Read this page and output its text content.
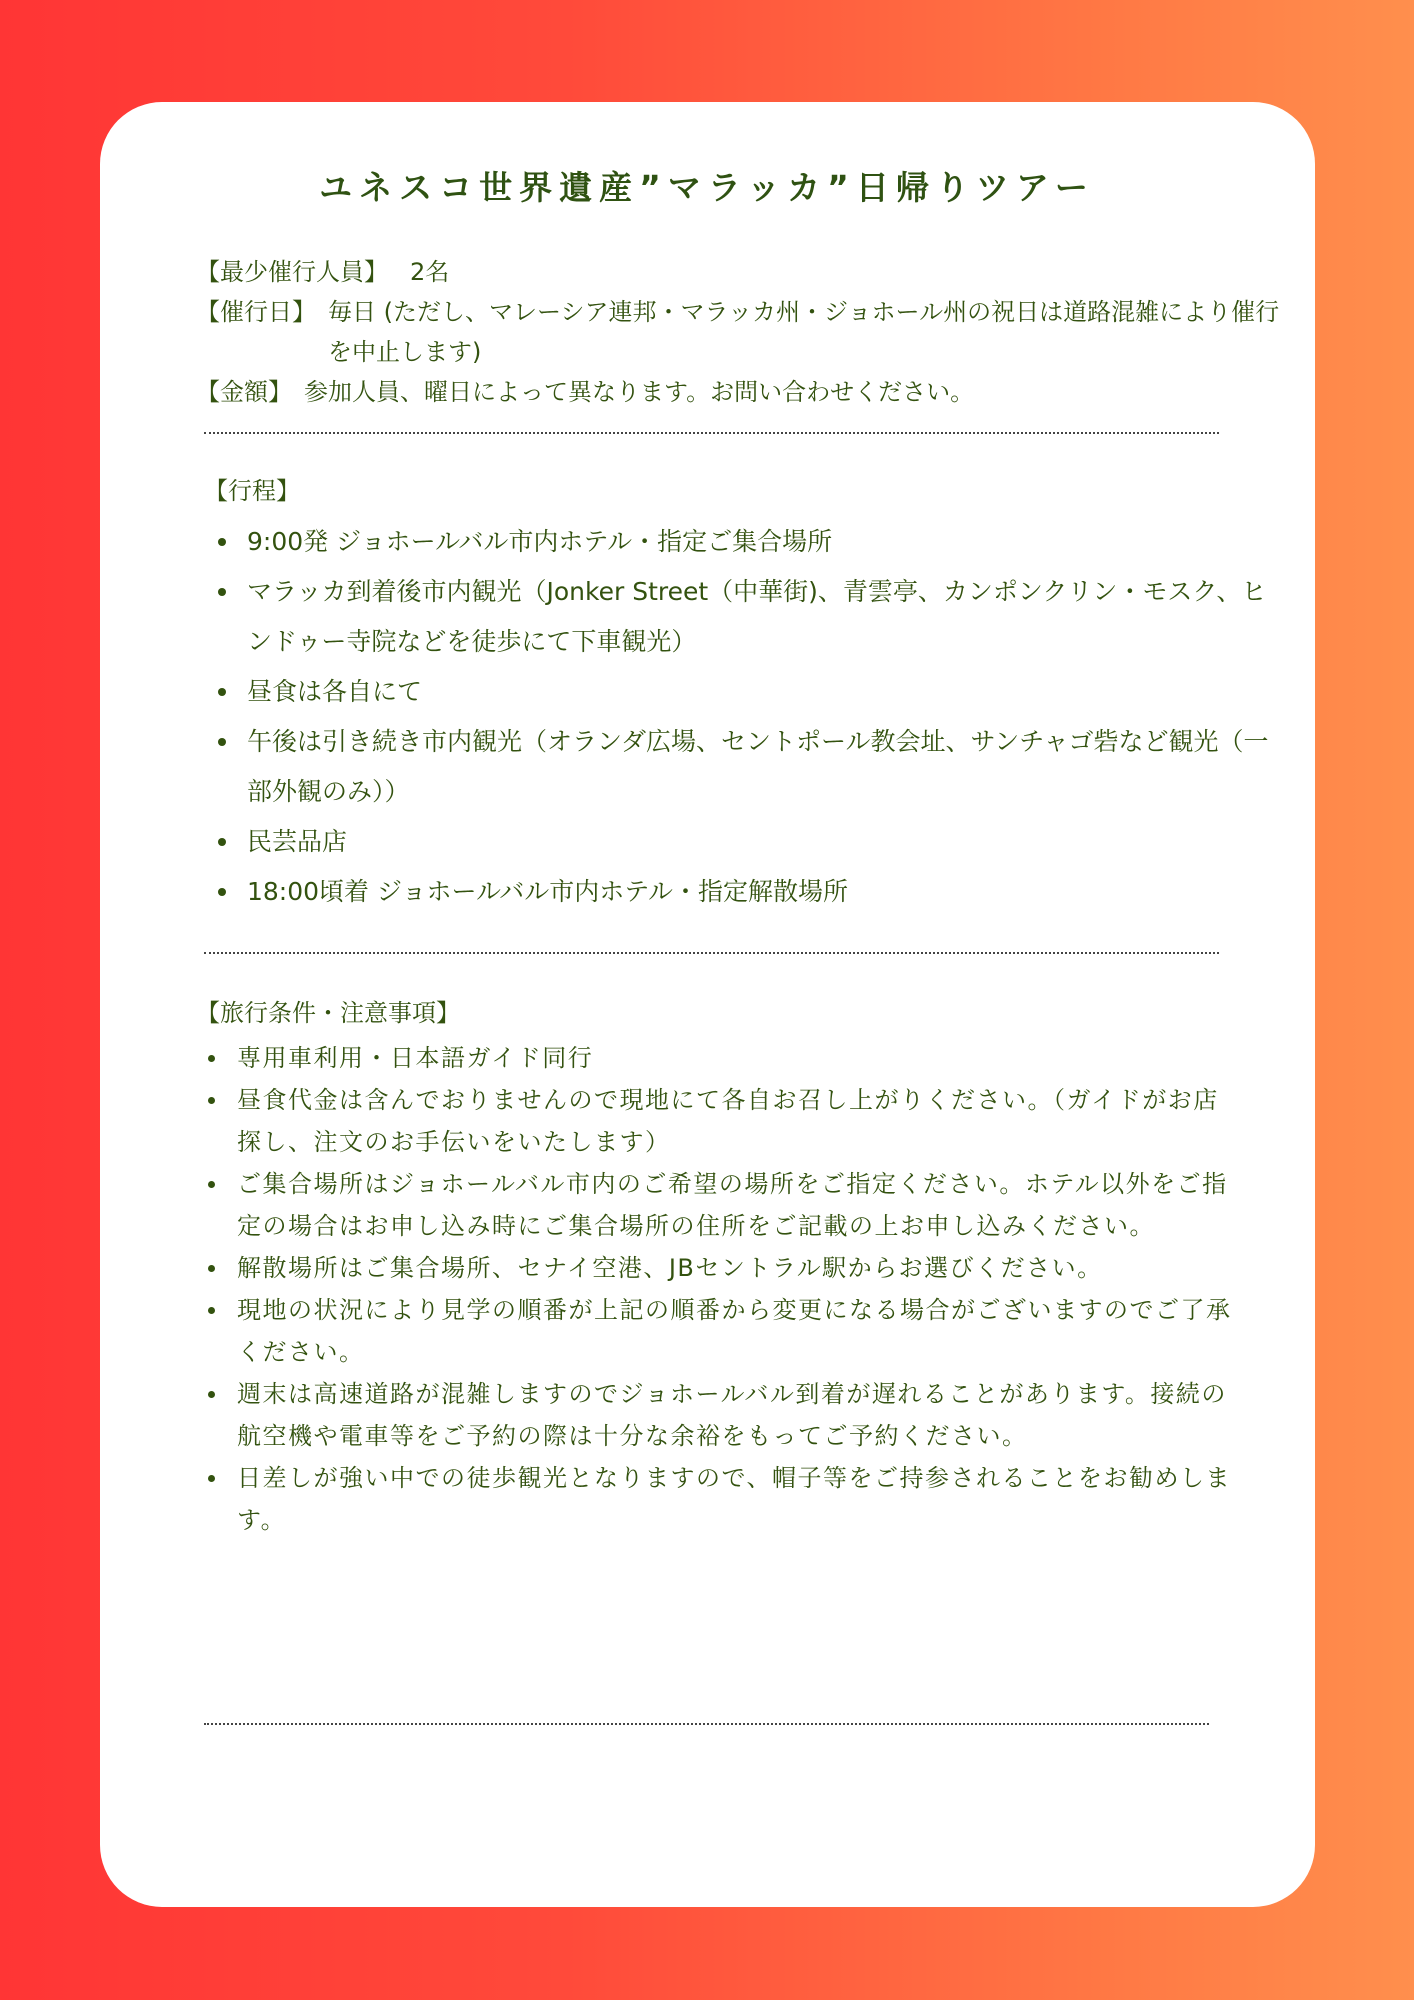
ユネスコ世界遺産”マラッカ”日帰りツアー
【最少催行人員】 2名
【催行日】 毎日 (ただし、マレーシア連邦・マラッカ州・ジョホール州の祝日は道路混雑により催行を中止します)
【金額】 参加人員、曜日によって異なります。お問い合わせください。
【行程】
9:00発 ジョホールバル市内ホテル・指定ご集合場所
マラッカ到着後市内観光（Jonker Street（中華街)、青雲亭、カンポンクリン・モスク、ヒンドゥー寺院などを徒歩にて下車観光）
昼食は各自にて
午後は引き続き市内観光（オランダ広場、セントポール教会址、サンチャゴ砦など観光（一部外観のみ））
民芸品店
18:00頃着 ジョホールバル市内ホテル・指定解散場所
【旅行条件・注意事項】
専用車利用・日本語ガイド同行
昼食代金は含んでおりませんので現地にて各自お召し上がりください。（ガイドがお店探し、注文のお手伝いをいたします）
ご集合場所はジョホールバル市内のご希望の場所をご指定ください。ホテル以外をご指定の場合はお申し込み時にご集合場所の住所をご記載の上お申し込みください。
解散場所はご集合場所、セナイ空港、JBセントラル駅からお選びください。
現地の状況により見学の順番が上記の順番から変更になる場合がございますのでご了承ください。
週末は高速道路が混雑しますのでジョホールバル到着が遅れることがあります。接続の航空機や電車等をご予約の際は十分な余裕をもってご予約ください。
日差しが強い中での徒歩観光となりますので、帽子等をご持参されることをお勧めします。
